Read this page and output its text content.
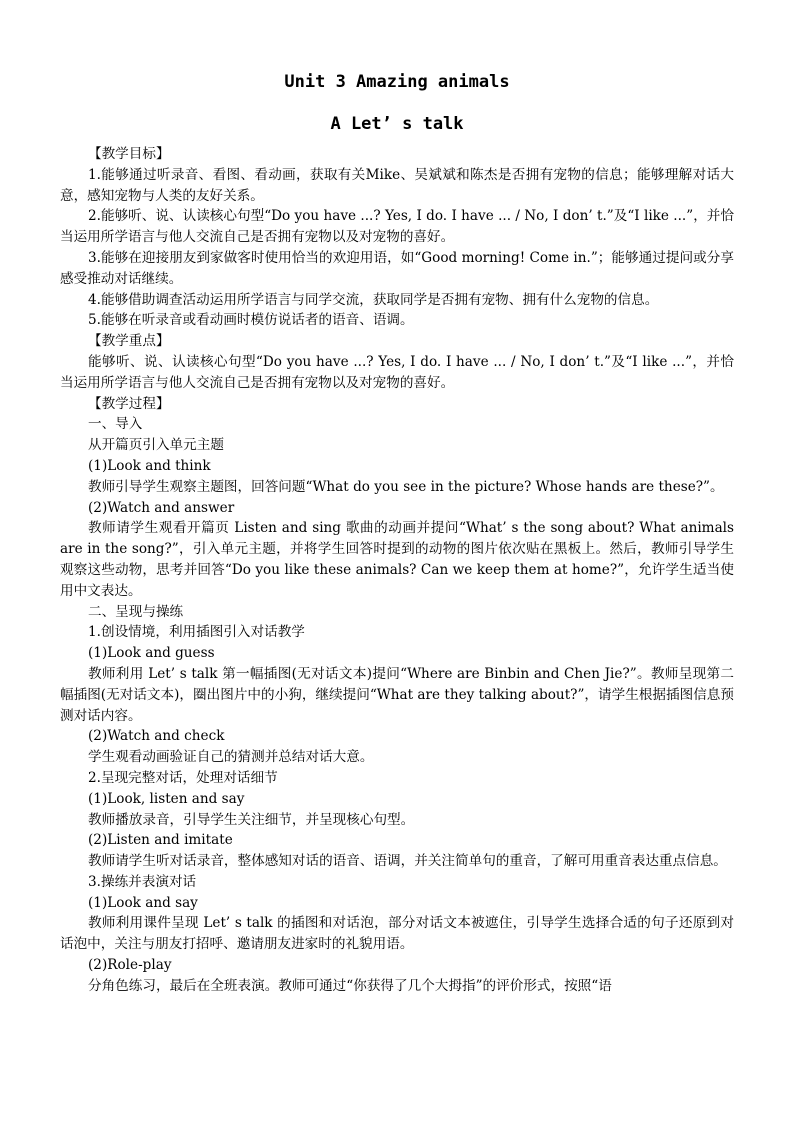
Unit 3 Amazing animals
A Let’ s talk

【教学目标】

1.能够通过听录音、看图、看动画，获取有关Mike、吴斌斌和陈杰是否拥有宠物的信息；能够理解对话大意，感知宠物与人类的友好关系。

2.能够听、说、认读核心句型“Do you have ...? Yes, I do. I have ... / No, I don’ t.”及“I like ...”，并恰当运用所学语言与他人交流自己是否拥有宠物以及对宠物的喜好。

3.能够在迎接朋友到家做客时使用恰当的欢迎用语，如“Good morning! Come in.”；能够通过提问或分享感受推动对话继续。

4.能够借助调查活动运用所学语言与同学交流，获取同学是否拥有宠物、拥有什么宠物的信息。

5.能够在听录音或看动画时模仿说话者的语音、语调。

【教学重点】

能够听、说、认读核心句型“Do you have ...? Yes, I do. I have ... / No, I don’ t.”及“I like ...”，并恰当运用所学语言与他人交流自己是否拥有宠物以及对宠物的喜好。

【教学过程】

一、导入

从开篇页引入单元主题

(1)Look and think

教师引导学生观察主题图，回答问题“What do you see in the picture? Whose hands are these?”。

(2)Watch and answer

教师请学生观看开篇页 Listen and sing 歌曲的动画并提问“What’ s the song about? What animals are in the song?”，引入单元主题，并将学生回答时提到的动物的图片依次贴在黑板上。然后，教师引导学生观察这些动物，思考并回答“Do you like these animals? Can we keep them at home?”，允许学生适当使用中文表达。

二、呈现与操练

1.创设情境，利用插图引入对话教学

(1)Look and guess

教师利用 Let’ s talk 第一幅插图(无对话文本)提问“Where are Binbin and Chen Jie?”。教师呈现第二幅插图(无对话文本)，圈出图片中的小狗，继续提问“What are they talking about?”，请学生根据插图信息预测对话内容。

(2)Watch and check

学生观看动画验证自己的猜测并总结对话大意。

2.呈现完整对话，处理对话细节

(1)Look, listen and say

教师播放录音，引导学生关注细节，并呈现核心句型。

(2)Listen and imitate

教师请学生听对话录音，整体感知对话的语音、语调，并关注简单句的重音，了解可用重音表达重点信息。

3.操练并表演对话

(1)Look and say

教师利用课件呈现 Let’ s talk 的插图和对话泡，部分对话文本被遮住，引导学生选择合适的句子还原到对话泡中，关注与朋友打招呼、邀请朋友进家时的礼貌用语。

(2)Role-play

分角色练习，最后在全班表演。教师可通过“你获得了几个大拇指”的评价形式，按照“语
